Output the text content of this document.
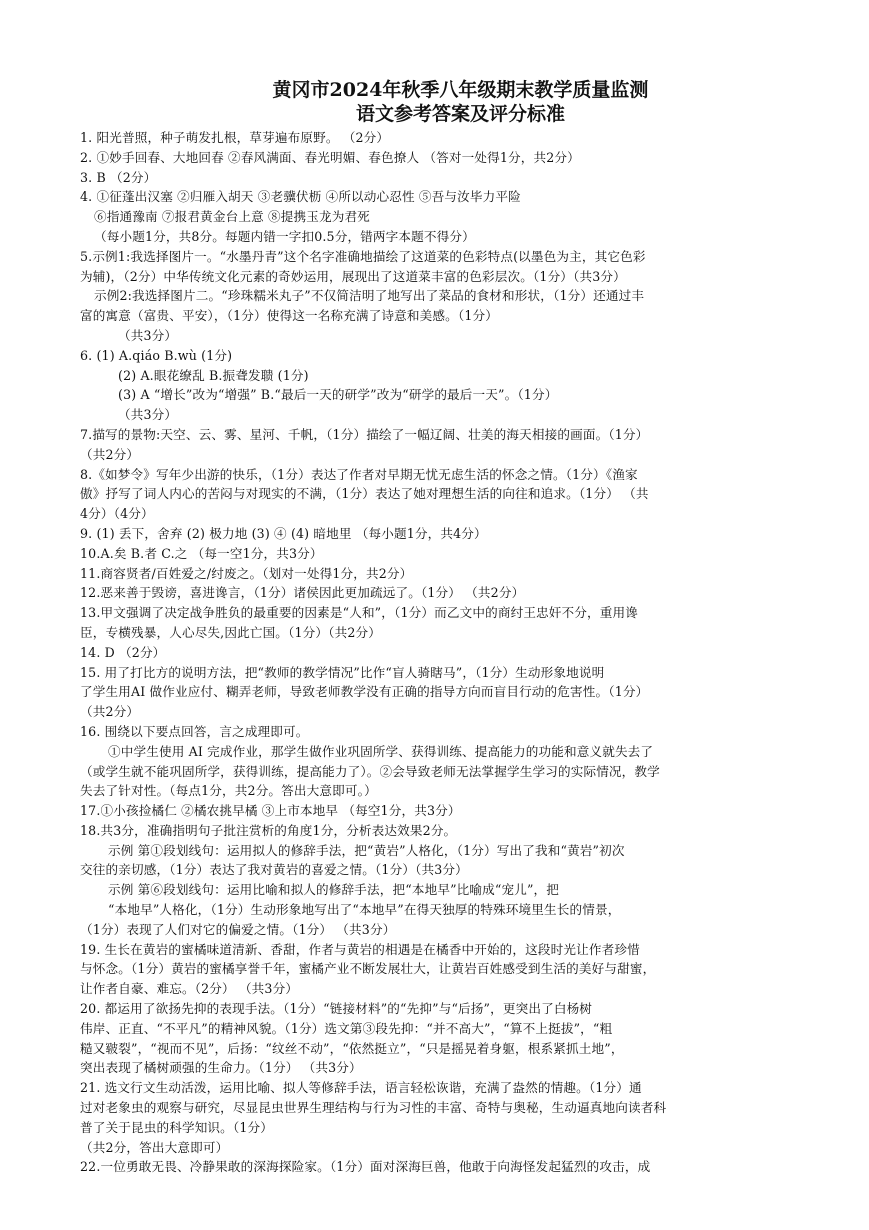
黄冈市2024年秋季八年级期末教学质量监测
语文参考答案及评分标准
1. 阳光普照，种子萌发扎根，草芽遍布原野。 （2分）
2. ①妙手回春、大地回春 ②春风满面、春光明媚、春色撩人 （答对一处得1分，共2分）
3. B （2分）
4. ①征蓬出汉塞 ②归雁入胡天 ③老骥伏枥 ④所以动心忍性 ⑤吾与汝毕力平险
⑥指通豫南 ⑦报君黄金台上意 ⑧提携玉龙为君死
（每小题1分，共8分。每题内错一字扣0.5分，错两字本题不得分）
5.示例1:我选择图片一。“水墨丹青”这个名字准确地描绘了这道菜的色彩特点(以墨色为主，其它色彩
为辅)，（2分）中华传统文化元素的奇妙运用，展现出了这道菜丰富的色彩层次。（1分）（共3分）
示例2:我选择图片二。“珍珠糯米丸子”不仅简洁明了地写出了菜品的食材和形状，（1分）还通过丰
富的寓意（富贵、平安），（1分）使得这一名称充满了诗意和美感。（1分）
（共3分）
6. (1) A.qiáo B.wù (1分)
(2) A.眼花缭乱 B.振聋发聩 (1分)
(3) A “增长”改为“增强” B.“最后一天的研学”改为“研学的最后一天”。（1分）
（共3分）
7.描写的景物:天空、云、雾、星河、千帆，（1分）描绘了一幅辽阔、壮美的海天相接的画面。（1分）
（共2分）
8.《如梦令》写年少出游的快乐，（1分）表达了作者对早期无忧无虑生活的怀念之情。（1分）《渔家
傲》抒写了词人内心的苦闷与对现实的不满，（1分）表达了她对理想生活的向往和追求。（1分） （共
4分）（4分）
9. (1) 丢下，舍弃 (2) 极力地 (3) ④ (4) 暗地里 （每小题1分，共4分）
10.A.矣 B.者 C.之 （每一空1分，共3分）
11.商容贤者/百姓爱之/纣废之。（划对一处得1分，共2分）
12.恶来善于毁谤，喜进谗言，（1分）诸侯因此更加疏远了。（1分） （共2分）
13.甲文强调了决定战争胜负的最重要的因素是“人和”，（1分）而乙文中的商纣王忠奸不分，重用谗
臣，专横残暴，人心尽失,因此亡国。（1分）（共2分）
14. D （2分）
15. 用了打比方的说明方法，把“教师的教学情况”比作“盲人骑瞎马”，（1分）生动形象地说明
了学生用AI 做作业应付、糊弄老师，导致老师教学没有正确的指导方向而盲目行动的危害性。（1分）
（共2分）
16. 围绕以下要点回答，言之成理即可。
①中学生使用 AI 完成作业，那学生做作业巩固所学、获得训练、提高能力的功能和意义就失去了
（或学生就不能巩固所学，获得训练，提高能力了）。②会导致老师无法掌握学生学习的实际情况，教学
失去了针对性。（每点1分，共2分。答出大意即可。）
17.①小孩捡橘仁 ②橘农挑早橘 ③上市本地早 （每空1分，共3分）
18.共3分，准确指明句子批注赏析的角度1分，分析表达效果2分。
示例 第①段划线句：运用拟人的修辞手法，把“黄岩”人格化，（1分）写出了我和“黄岩”初次
交往的亲切感，（1分）表达了我对黄岩的喜爱之情。（1分）（共3分）
示例 第⑥段划线句：运用比喻和拟人的修辞手法，把“本地早”比喻成“宠儿”，把
“本地早”人格化，（1分）生动形象地写出了“本地早”在得天独厚的特殊环境里生长的情景，
（1分）表现了人们对它的偏爱之情。（1分） （共3分）
19. 生长在黄岩的蜜橘味道清新、香甜，作者与黄岩的相遇是在橘香中开始的，这段时光让作者珍惜
与怀念。（1分）黄岩的蜜橘享誉千年，蜜橘产业不断发展壮大，让黄岩百姓感受到生活的美好与甜蜜，
让作者自豪、难忘。（2分） （共3分）
20. 都运用了欲扬先抑的表现手法。（1分）“链接材料”的“先抑”与“后扬”，更突出了白杨树
伟岸、正直、“不平凡”的精神风貌。（1分）选文第③段先抑：“并不高大”，“算不上挺拔”，“粗
糙又皲裂”，“视而不见”，后扬：“纹丝不动”，“依然挺立”，“只是摇晃着身躯，根系紧抓土地”，
突出表现了橘树顽强的生命力。（1分） （共3分）
21. 选文行文生动活泼，运用比喻、拟人等修辞手法，语言轻松诙谐，充满了盎然的情趣。（1分）通
过对老象虫的观察与研究，尽显昆虫世界生理结构与行为习性的丰富、奇特与奥秘，生动逼真地向读者科
普了关于昆虫的科学知识。（1分）
（共2分，答出大意即可）
22.一位勇敢无畏、冷静果敢的深海探险家。（1分）面对深海巨兽，他敢于向海怪发起猛烈的攻击，成
